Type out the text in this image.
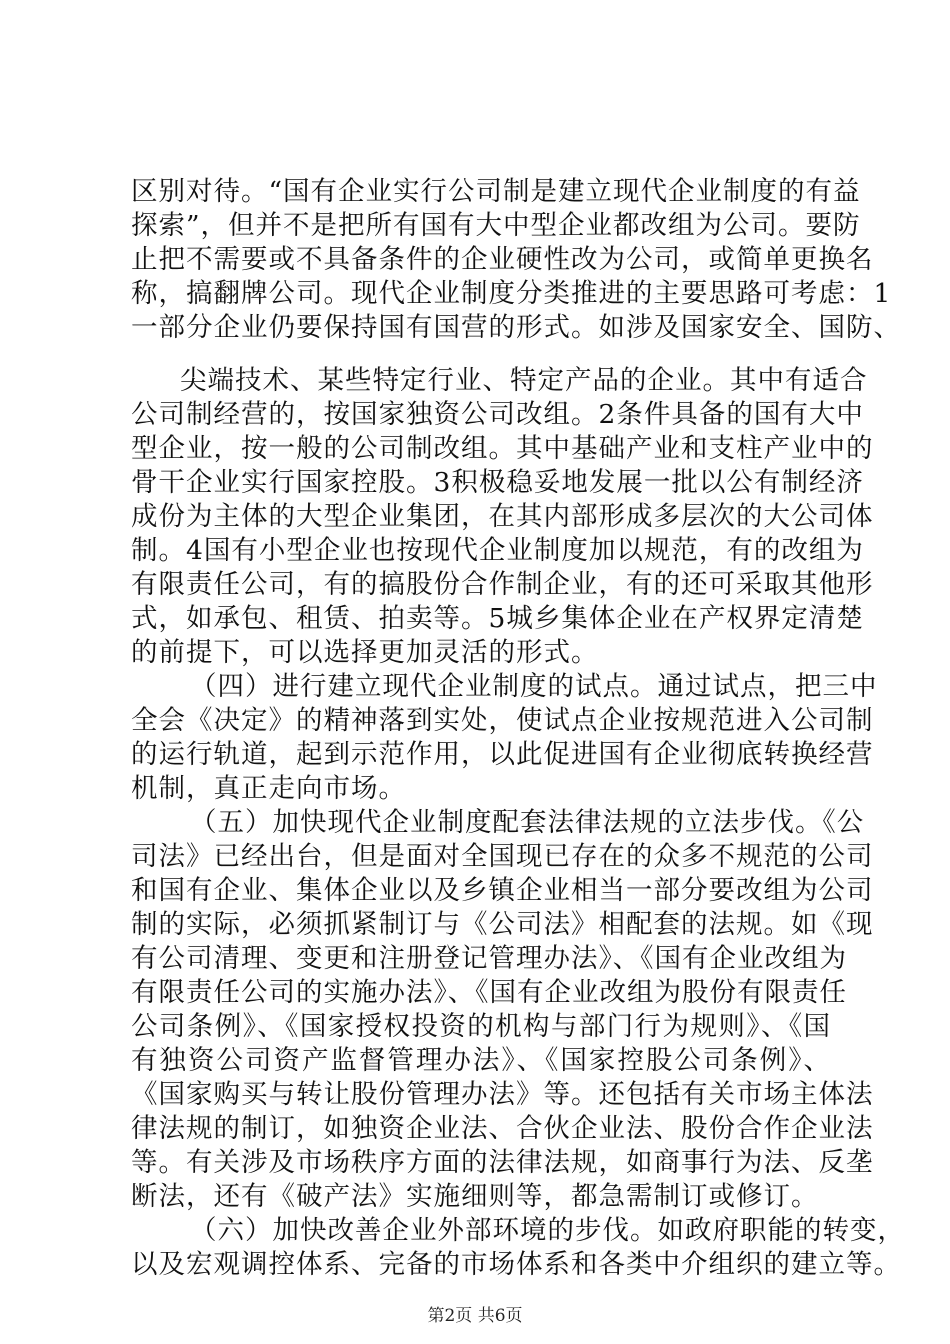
区别对待。“国有企业实行公司制是建立现代企业制度的有益
探索”，但并不是把所有国有大中型企业都改组为公司。要防
止把不需要或不具备条件的企业硬性改为公司，或简单更换名
称，搞翻牌公司。现代企业制度分类推进的主要思路可考虑：1
一部分企业仍要保持国有国营的形式。如涉及国家安全、国防、
尖端技术、某些特定行业、特定产品的企业。其中有适合
公司制经营的，按国家独资公司改组。2条件具备的国有大中
型企业，按一般的公司制改组。其中基础产业和支柱产业中的
骨干企业实行国家控股。3积极稳妥地发展一批以公有制经济
成份为主体的大型企业集团，在其内部形成多层次的大公司体
制。4国有小型企业也按现代企业制度加以规范，有的改组为
有限责任公司，有的搞股份合作制企业，有的还可采取其他形
式，如承包、租赁、拍卖等。5城乡集体企业在产权界定清楚
的前提下，可以选择更加灵活的形式。
（四）进行建立现代企业制度的试点。通过试点，把三中
全会《决定》的精神落到实处，使试点企业按规范进入公司制
的运行轨道，起到示范作用，以此促进国有企业彻底转换经营
机制，真正走向市场。
（五）加快现代企业制度配套法律法规的立法步伐。《公
司法》已经出台，但是面对全国现已存在的众多不规范的公司
和国有企业、集体企业以及乡镇企业相当一部分要改组为公司
制的实际，必须抓紧制订与《公司法》相配套的法规。如《现
有公司清理、变更和注册登记管理办法》、《国有企业改组为
有限责任公司的实施办法》、《国有企业改组为股份有限责任
公司条例》、《国家授权投资的机构与部门行为规则》、《国
有独资公司资产监督管理办法》、《国家控股公司条例》、
《国家购买与转让股份管理办法》等。还包括有关市场主体法
律法规的制订，如独资企业法、合伙企业法、股份合作企业法
等。有关涉及市场秩序方面的法律法规，如商事行为法、反垄
断法，还有《破产法》实施细则等，都急需制订或修订。
（六）加快改善企业外部环境的步伐。如政府职能的转变，
以及宏观调控体系、完备的市场体系和各类中介组织的建立等。
第2页 共6页
